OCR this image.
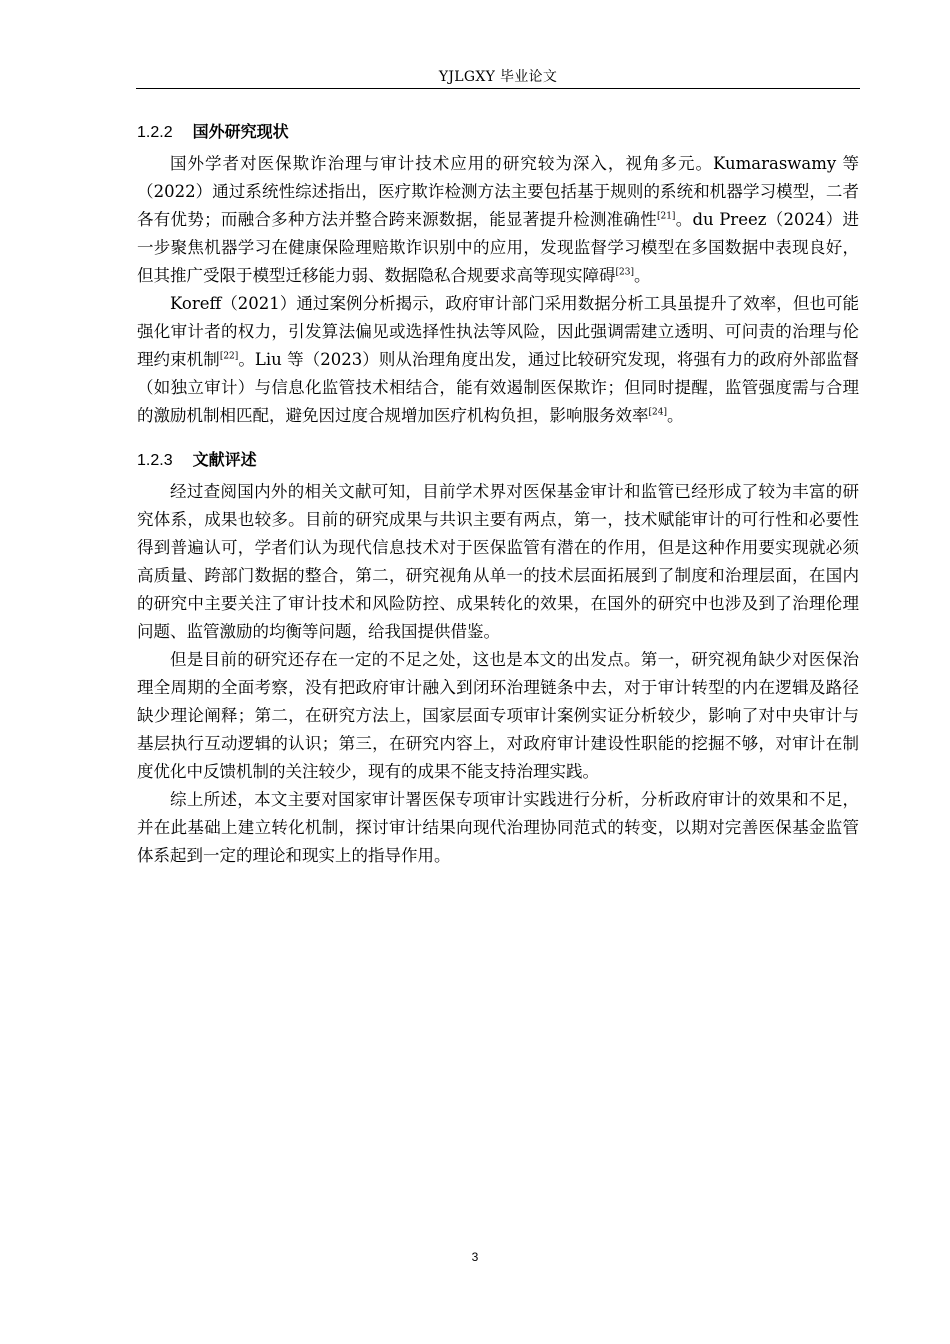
YJLGXY 毕业论文
1.2.2 国外研究现状

国外学者对医保欺诈治理与审计技术应用的研究较为深入，视角多元。Kumaraswamy 等（2022）通过系统性综述指出，医疗欺诈检测方法主要包括基于规则的系统和机器学习模型，二者各有优势；而融合多种方法并整合跨来源数据，能显著提升检测准确性[21]。du Preez（2024）进一步聚焦机器学习在健康保险理赔欺诈识别中的应用，发现监督学习模型在多国数据中表现良好，但其推广受限于模型迁移能力弱、数据隐私合规要求高等现实障碍[23]。

Koreff（2021）通过案例分析揭示，政府审计部门采用数据分析工具虽提升了效率，但也可能强化审计者的权力，引发算法偏见或选择性执法等风险，因此强调需建立透明、可问责的治理与伦理约束机制[22]。Liu 等（2023）则从治理角度出发，通过比较研究发现，将强有力的政府外部监督（如独立审计）与信息化监管技术相结合，能有效遏制医保欺诈；但同时提醒，监管强度需与合理的激励机制相匹配，避免因过度合规增加医疗机构负担，影响服务效率[24]。

1.2.3 文献评述

经过查阅国内外的相关文献可知，目前学术界对医保基金审计和监管已经形成了较为丰富的研究体系，成果也较多。目前的研究成果与共识主要有两点，第一，技术赋能审计的可行性和必要性得到普遍认可，学者们认为现代信息技术对于医保监管有潜在的作用，但是这种作用要实现就必须高质量、跨部门数据的整合，第二，研究视角从单一的技术层面拓展到了制度和治理层面，在国内的研究中主要关注了审计技术和风险防控、成果转化的效果，在国外的研究中也涉及到了治理伦理问题、监管激励的均衡等问题，给我国提供借鉴。

但是目前的研究还存在一定的不足之处，这也是本文的出发点。第一，研究视角缺少对医保治理全周期的全面考察，没有把政府审计融入到闭环治理链条中去，对于审计转型的内在逻辑及路径缺少理论阐释；第二，在研究方法上，国家层面专项审计案例实证分析较少，影响了对中央审计与基层执行互动逻辑的认识；第三，在研究内容上，对政府审计建设性职能的挖掘不够，对审计在制度优化中反馈机制的关注较少，现有的成果不能支持治理实践。

综上所述，本文主要对国家审计署医保专项审计实践进行分析，分析政府审计的效果和不足，并在此基础上建立转化机制，探讨审计结果向现代治理协同范式的转变，以期对完善医保基金监管体系起到一定的理论和现实上的指导作用。

3
